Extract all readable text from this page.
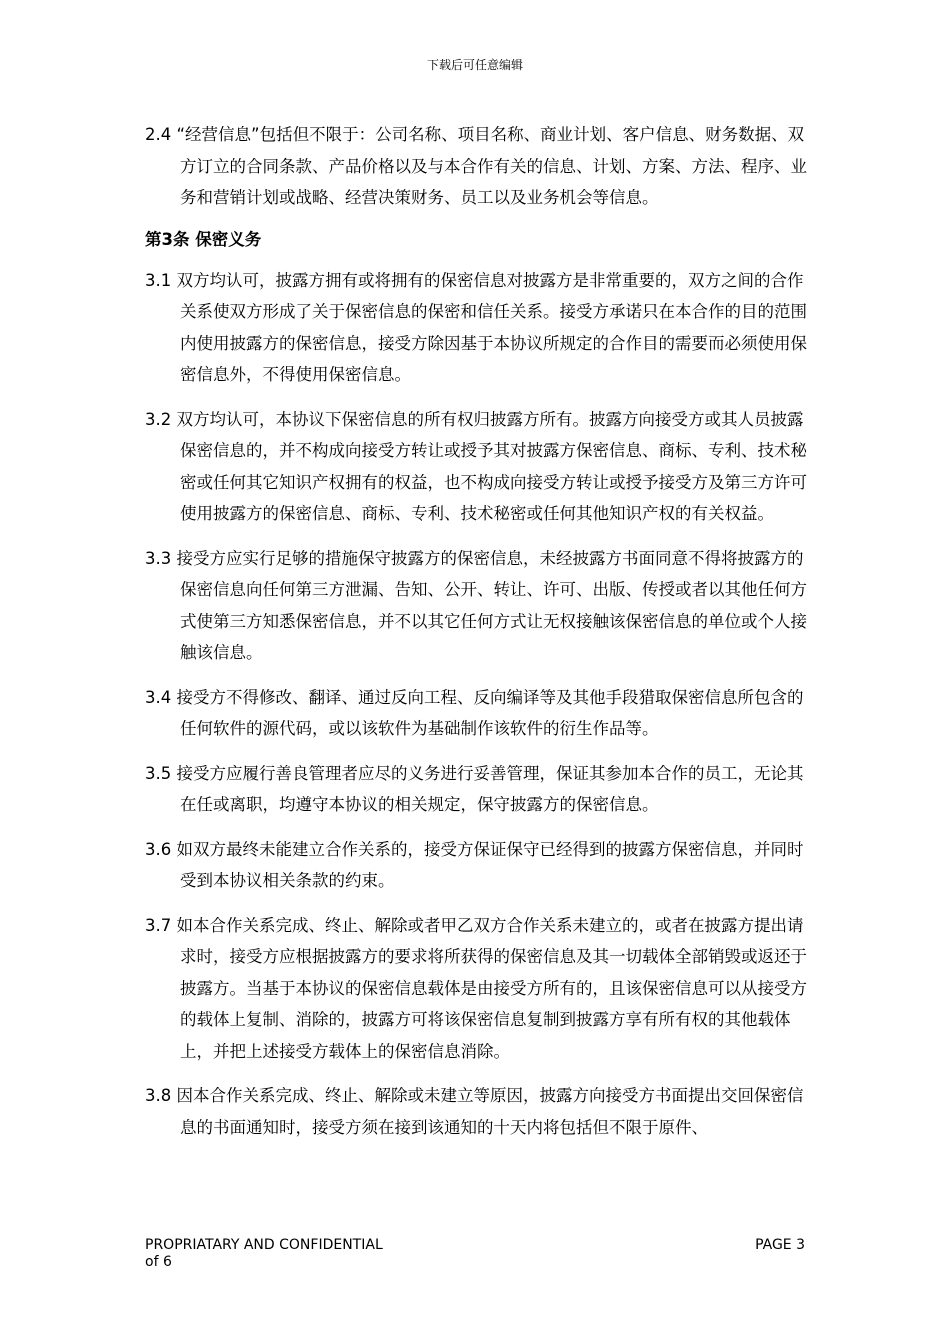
下载后可任意编辑

2.4 “经营信息”包括但不限于：公司名称、项目名称、商业计划、客户信息、财务数据、双方订立的合同条款、产品价格以及与本合作有关的信息、计划、方案、方法、程序、业务和营销计划或战略、经营决策财务、员工以及业务机会等信息。

第3条 保密义务

3.1 双方均认可，披露方拥有或将拥有的保密信息对披露方是非常重要的，双方之间的合作关系使双方形成了关于保密信息的保密和信任关系。接受方承诺只在本合作的目的范围内使用披露方的保密信息，接受方除因基于本协议所规定的合作目的需要而必须使用保密信息外，不得使用保密信息。

3.2 双方均认可，本协议下保密信息的所有权归披露方所有。披露方向接受方或其人员披露保密信息的，并不构成向接受方转让或授予其对披露方保密信息、商标、专利、技术秘密或任何其它知识产权拥有的权益，也不构成向接受方转让或授予接受方及第三方许可使用披露方的保密信息、商标、专利、技术秘密或任何其他知识产权的有关权益。

3.3 接受方应实行足够的措施保守披露方的保密信息，未经披露方书面同意不得将披露方的保密信息向任何第三方泄漏、告知、公开、转让、许可、出版、传授或者以其他任何方式使第三方知悉保密信息，并不以其它任何方式让无权接触该保密信息的单位或个人接触该信息。

3.4 接受方不得修改、翻译、通过反向工程、反向编译等及其他手段猎取保密信息所包含的任何软件的源代码，或以该软件为基础制作该软件的衍生作品等。

3.5 接受方应履行善良管理者应尽的义务进行妥善管理，保证其参加本合作的员工，无论其在任或离职，均遵守本协议的相关规定，保守披露方的保密信息。

3.6 如双方最终未能建立合作关系的，接受方保证保守已经得到的披露方保密信息，并同时受到本协议相关条款的约束。

3.7 如本合作关系完成、终止、解除或者甲乙双方合作关系未建立的，或者在披露方提出请求时，接受方应根据披露方的要求将所获得的保密信息及其一切载体全部销毁或返还于披露方。当基于本协议的保密信息载体是由接受方所有的，且该保密信息可以从接受方的载体上复制、消除的，披露方可将该保密信息复制到披露方享有所有权的其他载体上，并把上述接受方载体上的保密信息消除。

3.8 因本合作关系完成、终止、解除或未建立等原因，披露方向接受方书面提出交回保密信息的书面通知时，接受方须在接到该通知的十天内将包括但不限于原件、

PROPRIATARY AND CONFIDENTIAL	PAGE 3
of 6
